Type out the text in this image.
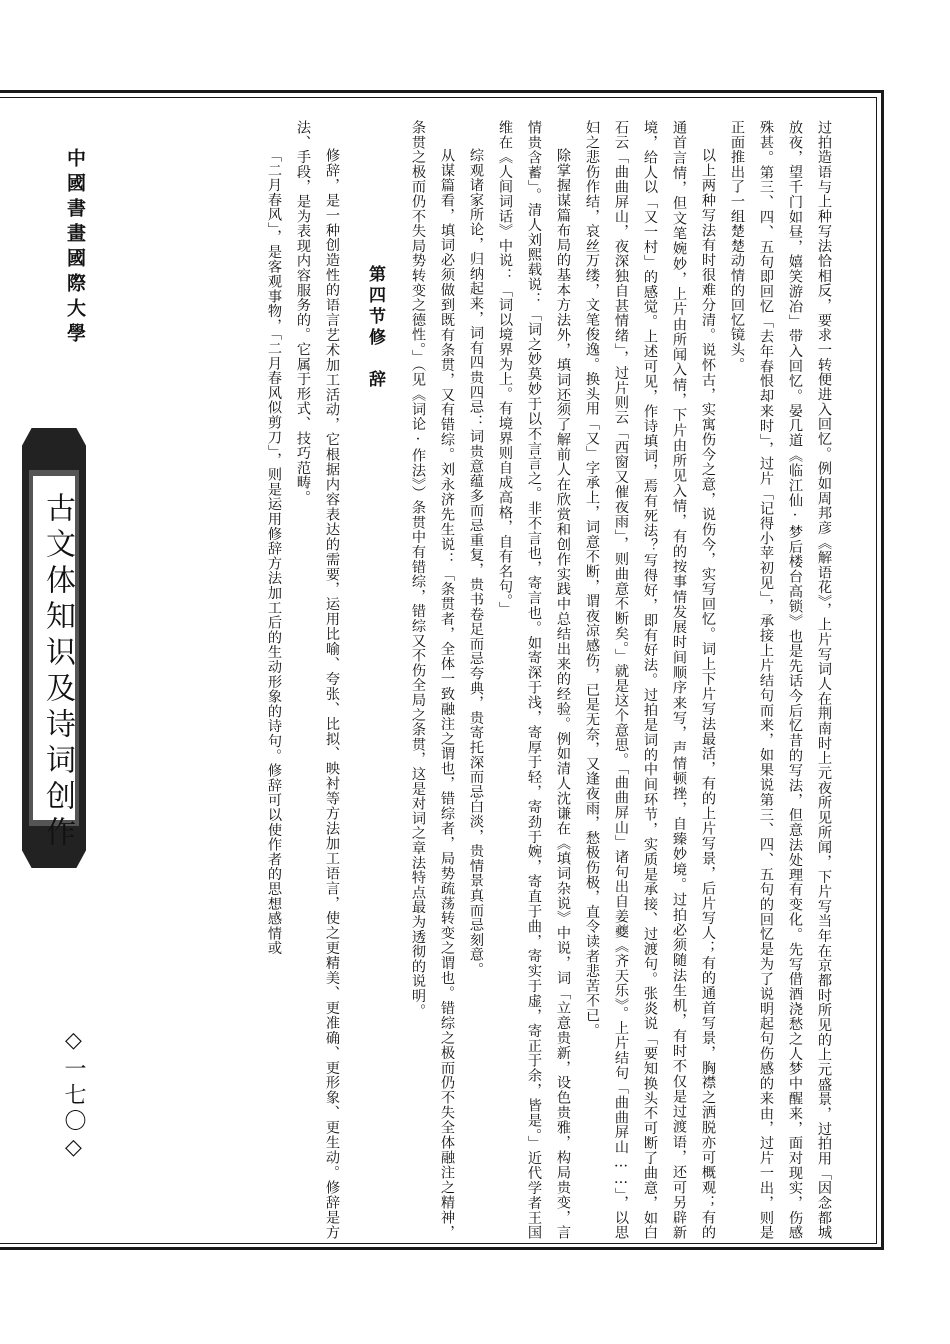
中國書畫國際大學
古文体知识及诗词创作
◇一七〇◇	过拍造语与上种写法恰相反，要求一转便进入回忆。例如周邦彦《解语花》，上片写词人在荆南时上元夜所见所闻，下片写当年在京都时所见的上元盛景，过拍用「因念都城放夜，望千门如昼，嬉笑游冶」带入回忆。晏几道《临江仙·梦后楼台高锁》也是先话今后忆昔的写法，但意法处理有变化。先写借酒浇愁之人梦中醒来，面对现实，伤感殊甚。第三、四、五句即回忆「去年春恨却来时」，过片「记得小苹初见」，承接上片结句而来，如果说第三、四、五句的回忆是为了说明起句伤感的来由，过片一出，则是正面推出了一组楚楚动情的回忆镜头。

以上两种写法有时很难分清。说怀古，实寓伤今之意，说伤今，实写回忆。词上下片写法最活，有的上片写景，后片写人；有的通首写景，胸襟之洒脱亦可概观；有的通首言情，但文笔婉妙，上片由所闻入情，下片由所见入情，有的按事情发展时间顺序来写，声情顿挫，自臻妙境。过拍必须随法生机，有时不仅是过渡语，还可另辟新境，给人以「又一村」的感觉。上述可见，作诗填词，焉有死法？写得好，即有好法。过拍是词的中间环节，实质是承接、过渡句。张炎说「要知换头不可断了曲意，如白石云「曲曲屏山，夜深独自甚情绪」，过片则云「西窗又催夜雨」，则曲意不断矣。」就是这个意思。「曲曲屏山」诸句出自姜夔《齐天乐》。上片结句「曲曲屏山……」，以思妇之悲伤作结，哀丝万缕，文笔俊逸。换头用「又」字承上，词意不断，谓夜凉感伤，已是无奈，又逢夜雨，愁极伤极，直令读者悲苦不已。

除掌握谋篇布局的基本方法外，填词还须了解前人在欣赏和创作实践中总结出来的经验。例如清人沈谦在《填词杂说》中说，词「立意贵新，设色贵雅，构局贵变，言情贵含蓄」。清人刘熙载说：「词之妙莫妙于以不言言之。非不言也，寄言也。如寄深于浅，寄厚于轻，寄劲于婉，寄直于曲，寄实于虚，寄正于余，皆是。」近代学者王国维在《人间词话》中说：「词以境界为上。有境界则自成高格，自有名句。」

综观诸家所论，归纳起来，词有四贵四忌：词贵意蕴多而忌重复，贵书卷足而忌夸典，贵寄托深而忌白淡，贵情景真而忌刻意。

从谋篇看，填词必须做到既有条贯，又有错综。刘永济先生说：「条贯者，全体一致融注之谓也，错综者，局势疏荡转变之谓也。错综之极而仍不失全体融注之精神，条贯之极而仍不失局势转变之德性。」（见《词论·作法》）条贯中有错综，错综又不伤全局之条贯，这是对词之章法特点最为透彻的说明。

第四节修　辞

修辞，是一种创造性的语言艺术加工活动，它根据内容表达的需要，运用比喻、夸张、比拟、映衬等方法加工语言，使之更精美、更准确、更形象、更生动。修辞是方法、手段，是为表现内容服务的。它属于形式、技巧范畴。

「二月春风」，是客观事物，「二月春风似剪刀」，则是运用修辞方法加工后的生动形象的诗句。修辞可以使作者的思想感情或
